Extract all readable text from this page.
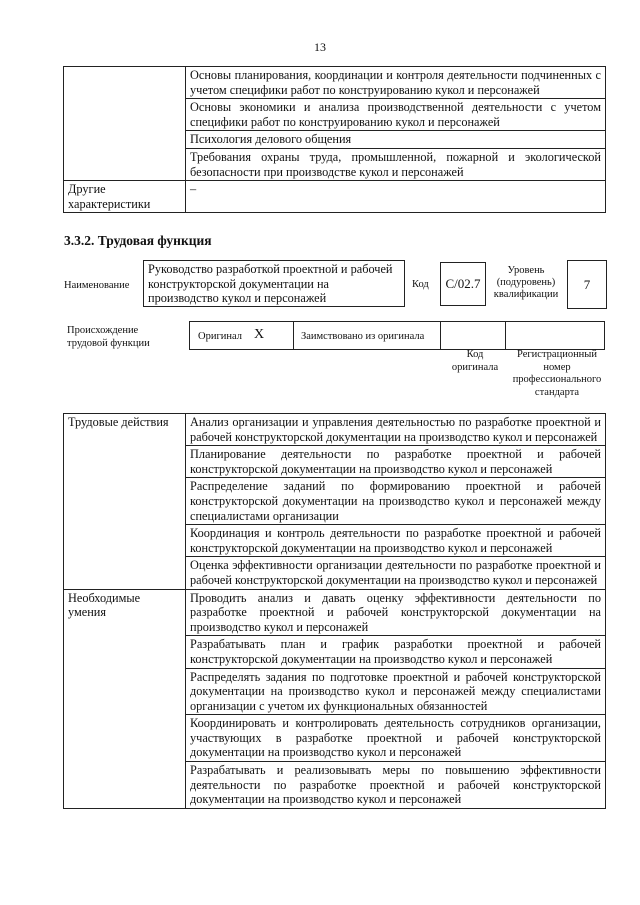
13
	Основы планирования, координации и контроля деятельности подчиненных с учетом специфики работ по конструированию кукол и персонажей
	Основы экономики и анализа производственной деятельности с учетом специфики работ по конструированию кукол и персонажей
	Психология делового общения
	Требования охраны труда, промышленной, пожарной и экологической безопасности при производстве кукол и персонажей
Другие характеристики	–
3.3.2. Трудовая функция
Наименование
Руководство разработкой проектной и рабочей конструкторской документации на производство кукол и персонажей
Код	C/02.7
Уровень (подуровень) квалификации
7
Происхождение трудовой функции
Оригинал X	Заимствовано из оригинала
Код оригинала
Регистрационный номер профессионального стандарта
Трудовые действия	Анализ организации и управления деятельностью по разработке проектной и рабочей конструкторской документации на производство кукол и персонажей
	Планирование деятельности по разработке проектной и рабочей конструкторской документации на производство кукол и персонажей
	Распределение заданий по формированию проектной и рабочей конструкторской документации на производство кукол и персонажей между специалистами организации
	Координация и контроль деятельности по разработке проектной и рабочей конструкторской документации на производство кукол и персонажей
	Оценка эффективности организации деятельности по разработке проектной и рабочей конструкторской документации на производство кукол и персонажей
Необходимые умения	Проводить анализ и давать оценку эффективности деятельности по разработке проектной и рабочей конструкторской документации на производство кукол и персонажей
	Разрабатывать план и график разработки проектной и рабочей конструкторской документации на производство кукол и персонажей
	Распределять задания по подготовке проектной и рабочей конструкторской документации на производство кукол и персонажей между специалистами организации с учетом их функциональных обязанностей
	Координировать и контролировать деятельность сотрудников организации, участвующих в разработке проектной и рабочей конструкторской документации на производство кукол и персонажей
	Разрабатывать и реализовывать меры по повышению эффективности деятельности по разработке проектной и рабочей конструкторской документации на производство кукол и персонажей
